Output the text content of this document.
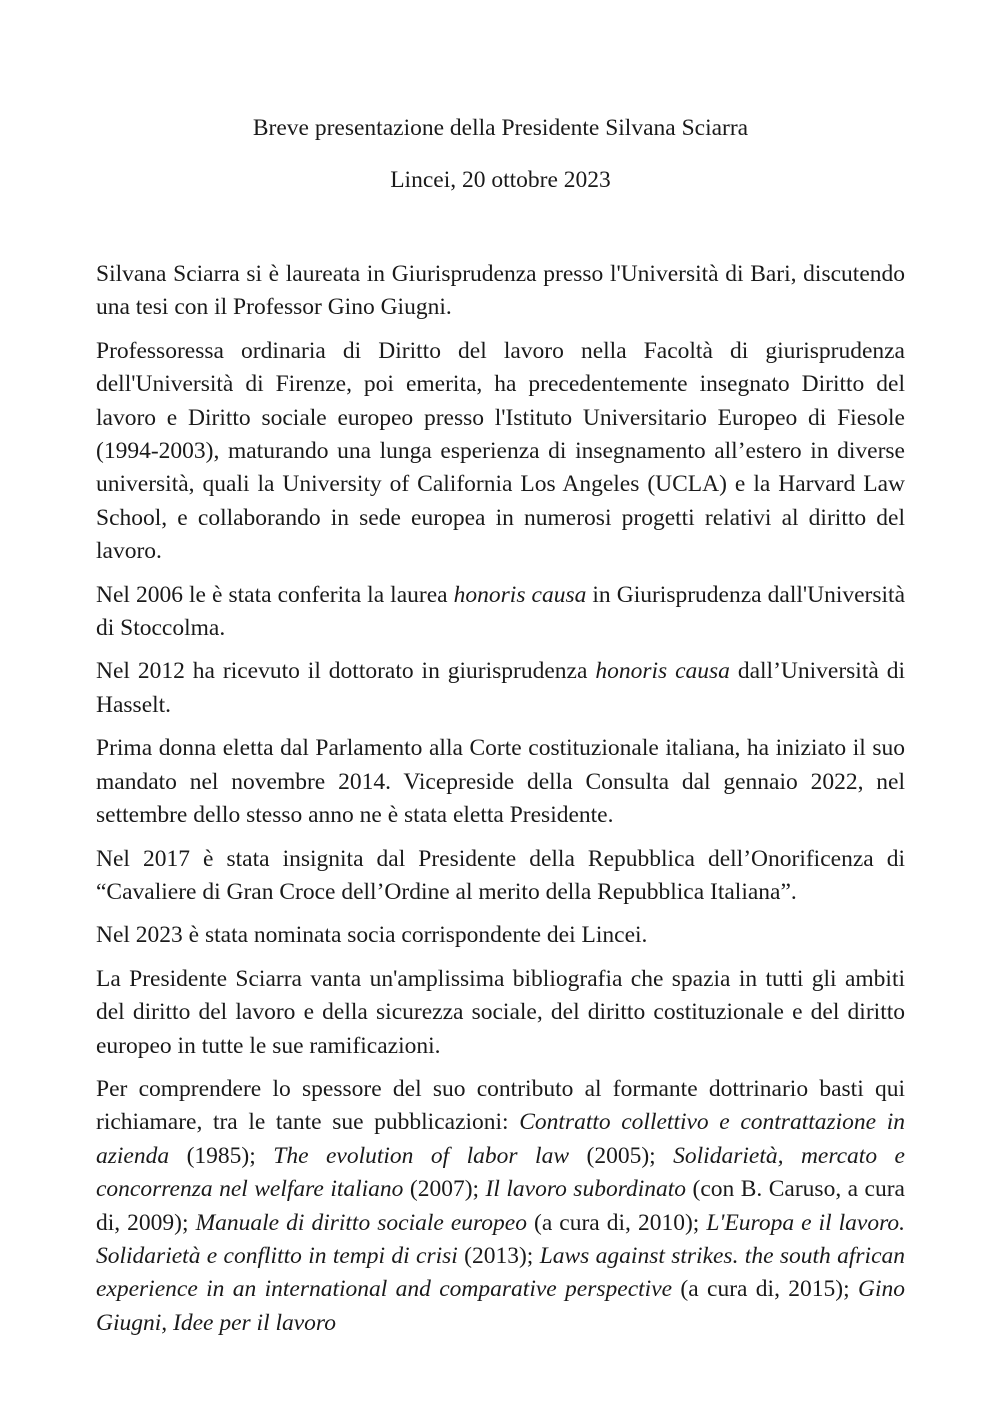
Breve presentazione della Presidente Silvana Sciarra
Lincei, 20 ottobre 2023

Silvana Sciarra si è laureata in Giurisprudenza presso l'Università di Bari, discutendo una tesi con il Professor Gino Giugni.

Professoressa ordinaria di Diritto del lavoro nella Facoltà di giurisprudenza dell'Università di Firenze, poi emerita, ha precedentemente insegnato Diritto del lavoro e Diritto sociale europeo presso l'Istituto Universitario Europeo di Fiesole (1994-2003), maturando una lunga esperienza di insegnamento all’estero in diverse università, quali la University of California Los Angeles (UCLA) e la Harvard Law School, e collaborando in sede europea in numerosi progetti relativi al diritto del lavoro.

Nel 2006 le è stata conferita la laurea honoris causa in Giurisprudenza dall'Università di Stoccolma.

Nel 2012 ha ricevuto il dottorato in giurisprudenza honoris causa dall’Università di Hasselt.

Prima donna eletta dal Parlamento alla Corte costituzionale italiana, ha iniziato il suo mandato nel novembre 2014. Vicepreside della Consulta dal gennaio 2022, nel settembre dello stesso anno ne è stata eletta Presidente.

Nel 2017 è stata insignita dal Presidente della Repubblica dell’Onorificenza di “Cavaliere di Gran Croce dell’Ordine al merito della Repubblica Italiana”.

Nel 2023 è stata nominata socia corrispondente dei Lincei.

La Presidente Sciarra vanta un'amplissima bibliografia che spazia in tutti gli ambiti del diritto del lavoro e della sicurezza sociale, del diritto costituzionale e del diritto europeo in tutte le sue ramificazioni.

Per comprendere lo spessore del suo contributo al formante dottrinario basti qui richiamare, tra le tante sue pubblicazioni: Contratto collettivo e contrattazione in azienda (1985); The evolution of labor law (2005); Solidarietà, mercato e concorrenza nel welfare italiano (2007); Il lavoro subordinato (con B. Caruso, a cura di, 2009); Manuale di diritto sociale europeo (a cura di, 2010); L'Europa e il lavoro. Solidarietà e conflitto in tempi di crisi (2013); Laws against strikes. the south african experience in an international and comparative perspective (a cura di, 2015); Gino Giugni, Idee per il lavoro
